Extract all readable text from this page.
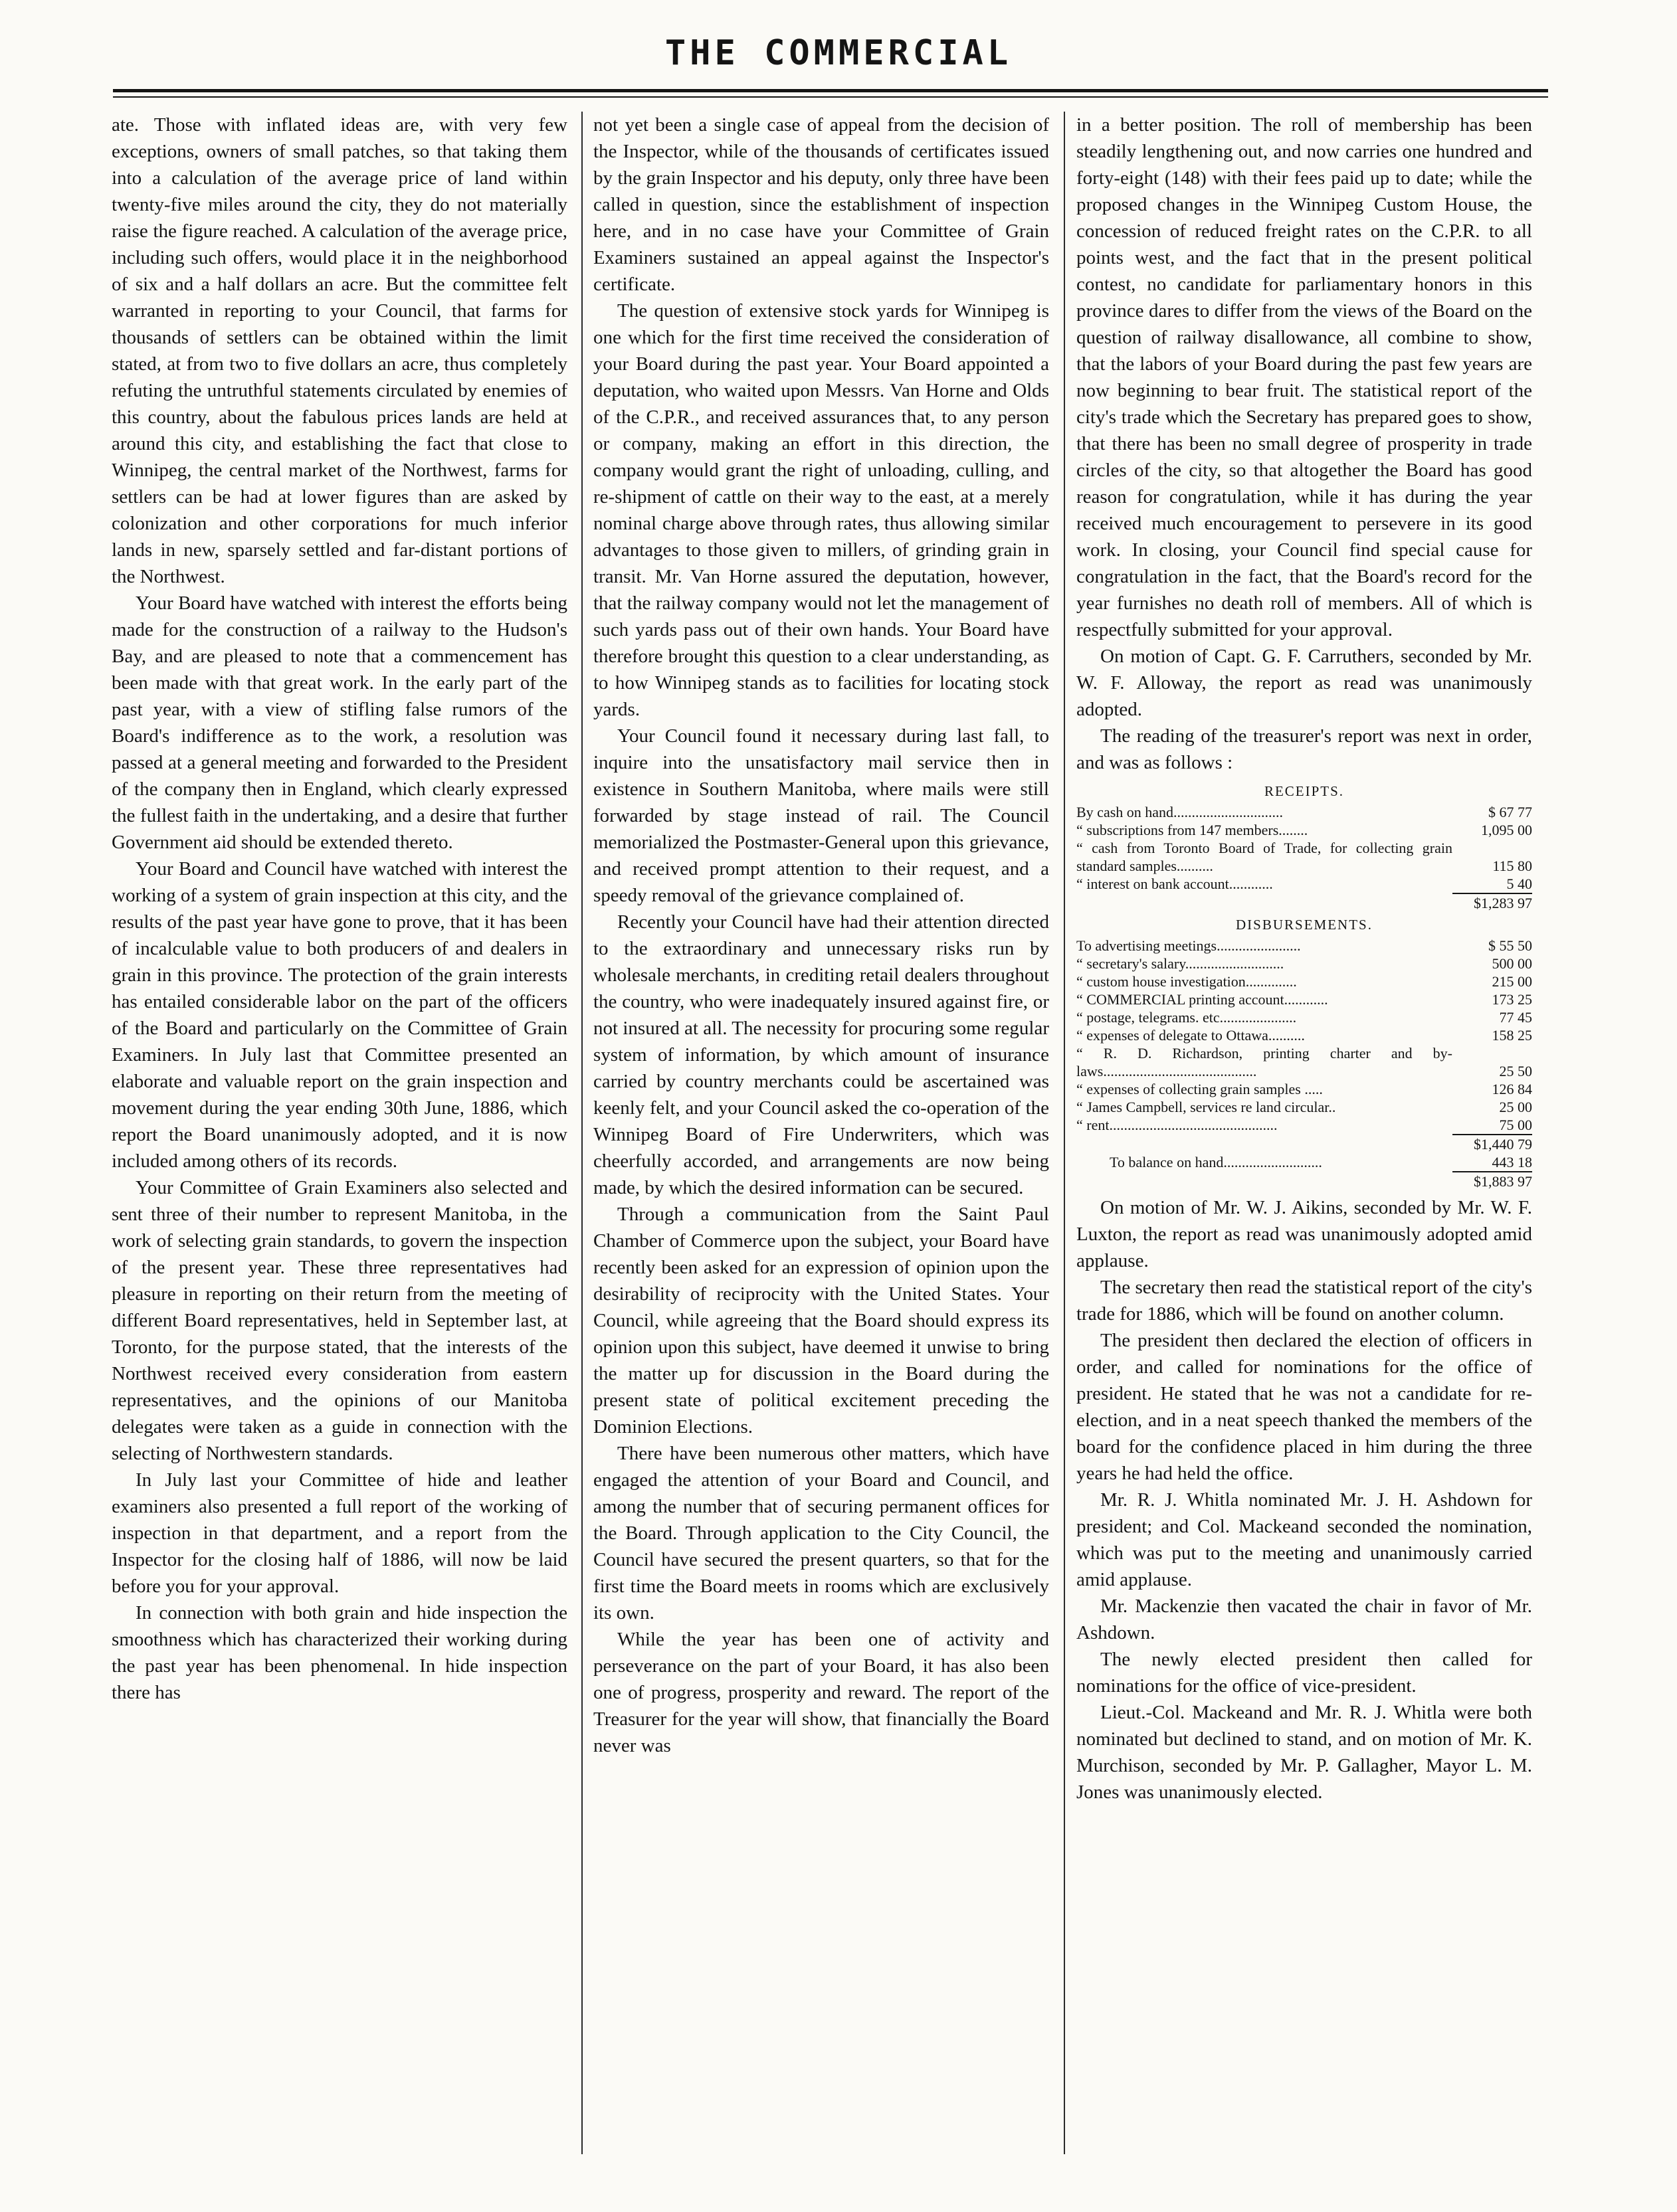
THE COMMERCIAL

ate. Those with inflated ideas are, with very few exceptions, owners of small patches, so that taking them into a calculation of the average price of land within twenty-five miles around the city, they do not materially raise the figure reached. A calculation of the average price, including such offers, would place it in the neighborhood of six and a half dollars an acre. But the committee felt warranted in reporting to your Council, that farms for thousands of settlers can be obtained within the limit stated, at from two to five dollars an acre, thus completely refuting the untruthful statements circulated by enemies of this country, about the fabulous prices lands are held at around this city, and establishing the fact that close to Winnipeg, the central market of the Northwest, farms for settlers can be had at lower figures than are asked by colonization and other corporations for much inferior lands in new, sparsely settled and far-distant portions of the Northwest.

Your Board have watched with interest the efforts being made for the construction of a railway to the Hudson's Bay, and are pleased to note that a commencement has been made with that great work. In the early part of the past year, with a view of stifling false rumors of the Board's indifference as to the work, a resolution was passed at a general meeting and forwarded to the President of the company then in England, which clearly expressed the fullest faith in the undertaking, and a desire that further Government aid should be extended thereto.

Your Board and Council have watched with interest the working of a system of grain inspection at this city, and the results of the past year have gone to prove, that it has been of incalculable value to both producers of and dealers in grain in this province. The protection of the grain interests has entailed considerable labor on the part of the officers of the Board and particularly on the Committee of Grain Examiners. In July last that Committee presented an elaborate and valuable report on the grain inspection and movement during the year ending 30th June, 1886, which report the Board unanimously adopted, and it is now included among others of its records.

Your Committee of Grain Examiners also selected and sent three of their number to represent Manitoba, in the work of selecting grain standards, to govern the inspection of the present year. These three representatives had pleasure in reporting on their return from the meeting of different Board representatives, held in September last, at Toronto, for the purpose stated, that the interests of the Northwest received every consideration from eastern representatives, and the opinions of our Manitoba delegates were taken as a guide in connection with the selecting of Northwestern standards.

In July last your Committee of hide and leather examiners also presented a full report of the working of inspection in that department, and a report from the Inspector for the closing half of 1886, will now be laid before you for your approval.

In connection with both grain and hide inspection the smoothness which has characterized their working during the past year has been phenomenal. In hide inspection there has

not yet been a single case of appeal from the decision of the Inspector, while of the thousands of certificates issued by the grain Inspector and his deputy, only three have been called in question, since the establishment of inspection here, and in no case have your Committee of Grain Examiners sustained an appeal against the Inspector's certificate.

The question of extensive stock yards for Winnipeg is one which for the first time received the consideration of your Board during the past year. Your Board appointed a deputation, who waited upon Messrs. Van Horne and Olds of the C.P.R., and received assurances that, to any person or company, making an effort in this direction, the company would grant the right of unloading, culling, and re-shipment of cattle on their way to the east, at a merely nominal charge above through rates, thus allowing similar advantages to those given to millers, of grinding grain in transit. Mr. Van Horne assured the deputation, however, that the railway company would not let the management of such yards pass out of their own hands. Your Board have therefore brought this question to a clear understanding, as to how Winnipeg stands as to facilities for locating stock yards.

Your Council found it necessary during last fall, to inquire into the unsatisfactory mail service then in existence in Southern Manitoba, where mails were still forwarded by stage instead of rail. The Council memorialized the Postmaster-General upon this grievance, and received prompt attention to their request, and a speedy removal of the grievance complained of.

Recently your Council have had their attention directed to the extraordinary and unnecessary risks run by wholesale merchants, in crediting retail dealers throughout the country, who were inadequately insured against fire, or not insured at all. The necessity for procuring some regular system of information, by which amount of insurance carried by country merchants could be ascertained was keenly felt, and your Council asked the co-operation of the Winnipeg Board of Fire Underwriters, which was cheerfully accorded, and arrangements are now being made, by which the desired information can be secured.

Through a communication from the Saint Paul Chamber of Commerce upon the subject, your Board have recently been asked for an expression of opinion upon the desirability of reciprocity with the United States. Your Council, while agreeing that the Board should express its opinion upon this subject, have deemed it unwise to bring the matter up for discussion in the Board during the present state of political excitement preceding the Dominion Elections.

There have been numerous other matters, which have engaged the attention of your Board and Council, and among the number that of securing permanent offices for the Board. Through application to the City Council, the Council have secured the present quarters, so that for the first time the Board meets in rooms which are exclusively its own.

While the year has been one of activity and perseverance on the part of your Board, it has also been one of progress, prosperity and reward. The report of the Treasurer for the year will show, that financially the Board never was

in a better position. The roll of membership has been steadily lengthening out, and now carries one hundred and forty-eight (148) with their fees paid up to date; while the proposed changes in the Winnipeg Custom House, the concession of reduced freight rates on the C.P.R. to all points west, and the fact that in the present political contest, no candidate for parliamentary honors in this province dares to differ from the views of the Board on the question of railway disallowance, all combine to show, that the labors of your Board during the past few years are now beginning to bear fruit. The statistical report of the city's trade which the Secretary has prepared goes to show, that there has been no small degree of prosperity in trade circles of the city, so that altogether the Board has good reason for congratulation, while it has during the year received much encouragement to persevere in its good work. In closing, your Council find special cause for congratulation in the fact, that the Board's record for the year furnishes no death roll of members. All of which is respectfully submitted for your approval.

On motion of Capt. G. F. Carruthers, seconded by Mr. W. F. Alloway, the report as read was unanimously adopted.

The reading of the treasurer's report was next in order, and was as follows :

RECEIPTS.
By cash on hand..............................	$ 67 77
“ subscriptions from 147 members........	1,095 00
“ cash from Toronto Board of Trade, for collecting grain standard samples..........	115 80
“ interest on bank account............	5 40
$1,283 97
DISBURSEMENTS.
To advertising meetings.......................	$ 55 50
“ secretary's salary...........................	500 00
“ custom house investigation..............	215 00
“ COMMERCIAL printing account............	173 25
“ postage, telegrams. etc.....................	77 45
“ expenses of delegate to Ottawa..........	158 25
“ R. D. Richardson, printing charter and by-laws..........................................	25 50
“ expenses of collecting grain samples .....	126 84
“ James Campbell, services re land circular..	25 00
“ rent..............................................	75 00
$1,440 79
To balance on hand...........................	443 18
$1,883 97

On motion of Mr. W. J. Aikins, seconded by Mr. W. F. Luxton, the report as read was unanimously adopted amid applause.

The secretary then read the statistical report of the city's trade for 1886, which will be found on another column.

The president then declared the election of officers in order, and called for nominations for the office of president. He stated that he was not a candidate for re-election, and in a neat speech thanked the members of the board for the confidence placed in him during the three years he had held the office.

Mr. R. J. Whitla nominated Mr. J. H. Ashdown for president; and Col. Mackeand seconded the nomination, which was put to the meeting and unanimously carried amid applause.

Mr. Mackenzie then vacated the chair in favor of Mr. Ashdown.

The newly elected president then called for nominations for the office of vice-president.

Lieut.-Col. Mackeand and Mr. R. J. Whitla were both nominated but declined to stand, and on motion of Mr. K. Murchison, seconded by Mr. P. Gallagher, Mayor L. M. Jones was unanimously elected.
